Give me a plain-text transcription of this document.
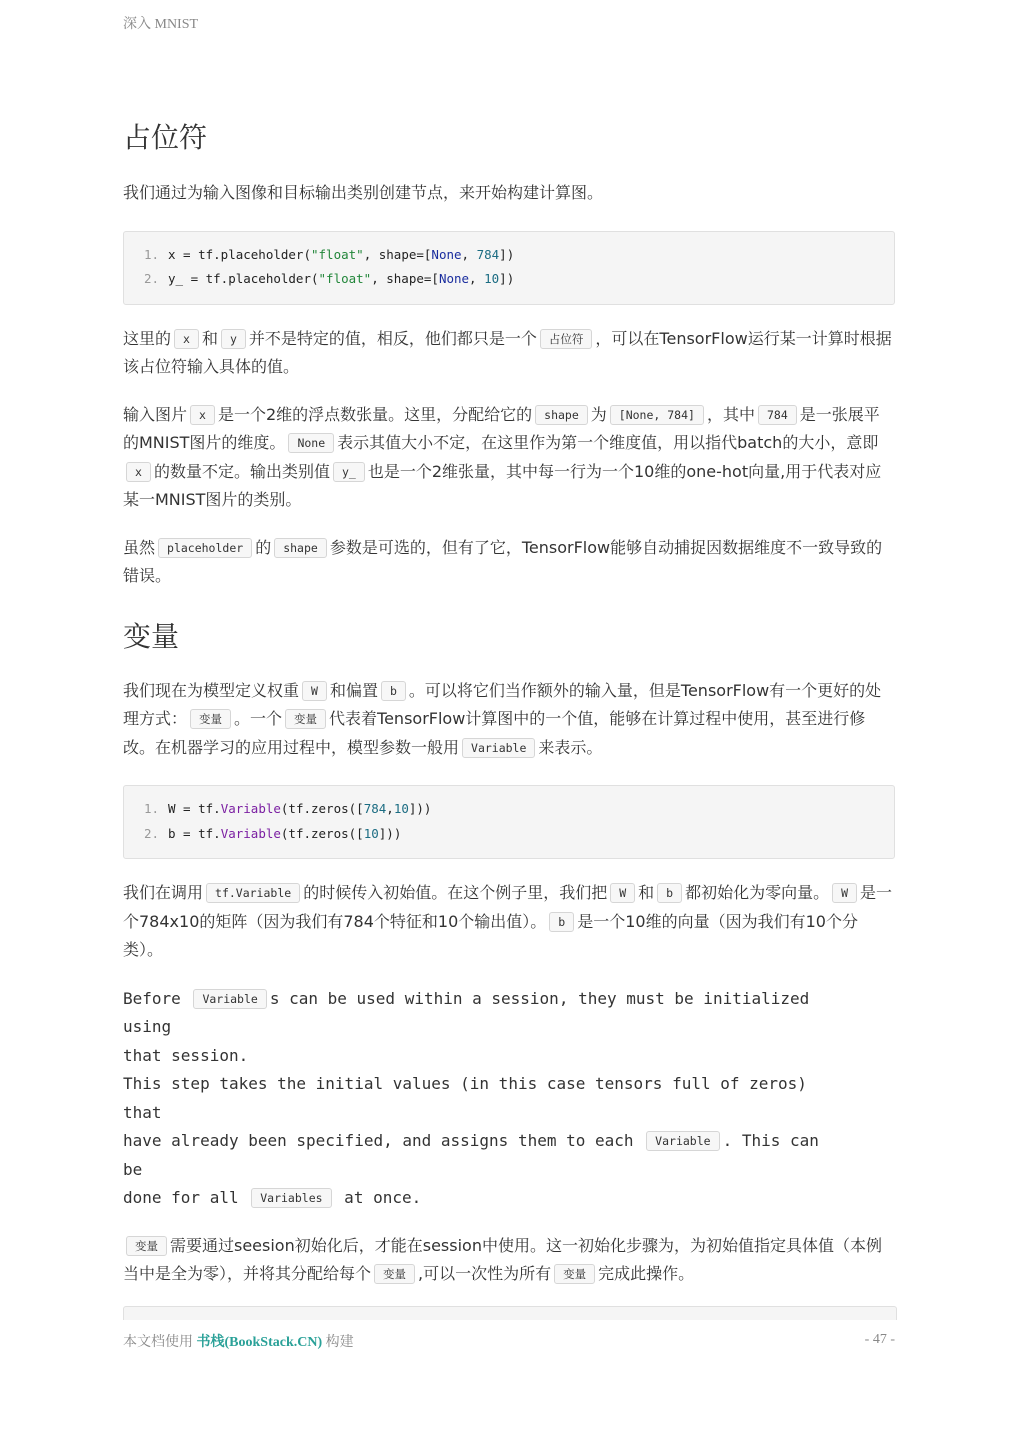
深入 MNIST
占位符

我们通过为输入图像和目标输出类别创建节点，来开始构建计算图。

1. x = tf.placeholder("float", shape=[None, 784])
2. y_ = tf.placeholder("float", shape=[None, 10])

这里的 x 和 y 并不是特定的值，相反，他们都只是一个 占位符 ，可以在TensorFlow运行某一计算时根据该占位符输入具体的值。

输入图片 x 是一个2维的浮点数张量。这里，分配给它的 shape 为 [None, 784] ，其中 784 是一张展平的MNIST图片的维度。 None 表示其值大小不定，在这里作为第一个维度值，用以指代batch的大小，意即x 的数量不定。输出类别值 y_ 也是一个2维张量，其中每一行为一个10维的one-hot向量,用于代表对应某一MNIST图片的类别。

虽然 placeholder 的 shape 参数是可选的，但有了它，TensorFlow能够自动捕捉因数据维度不一致导致的错误。

变量

我们现在为模型定义权重 W 和偏置 b 。可以将它们当作额外的输入量，但是TensorFlow有一个更好的处理方式： 变量 。一个 变量 代表着TensorFlow计算图中的一个值，能够在计算过程中使用，甚至进行修改。在机器学习的应用过程中，模型参数一般用 Variable 来表示。

1. W = tf.Variable(tf.zeros([784,10]))
2. b = tf.Variable(tf.zeros([10]))

我们在调用 tf.Variable 的时候传入初始值。在这个例子里，我们把 W 和 b 都初始化为零向量。 W 是一个784x10的矩阵（因为我们有784个特征和10个输出值）。 b 是一个10维的向量（因为我们有10个分类）。

Before Variable s can be used within a session, they must be initialized
using
that session.
This step takes the initial values (in this case tensors full of zeros)
that
have already been specified, and assigns them to each Variable . This can
be
done for all Variables at once.

变量 需要通过seesion初始化后，才能在session中使用。这一初始化步骤为，为初始值指定具体值（本例当中是全为零），并将其分配给每个 变量 ,可以一次性为所有 变量 完成此操作。

本文档使用 书栈(BookStack.CN) 构建	- 47 -
